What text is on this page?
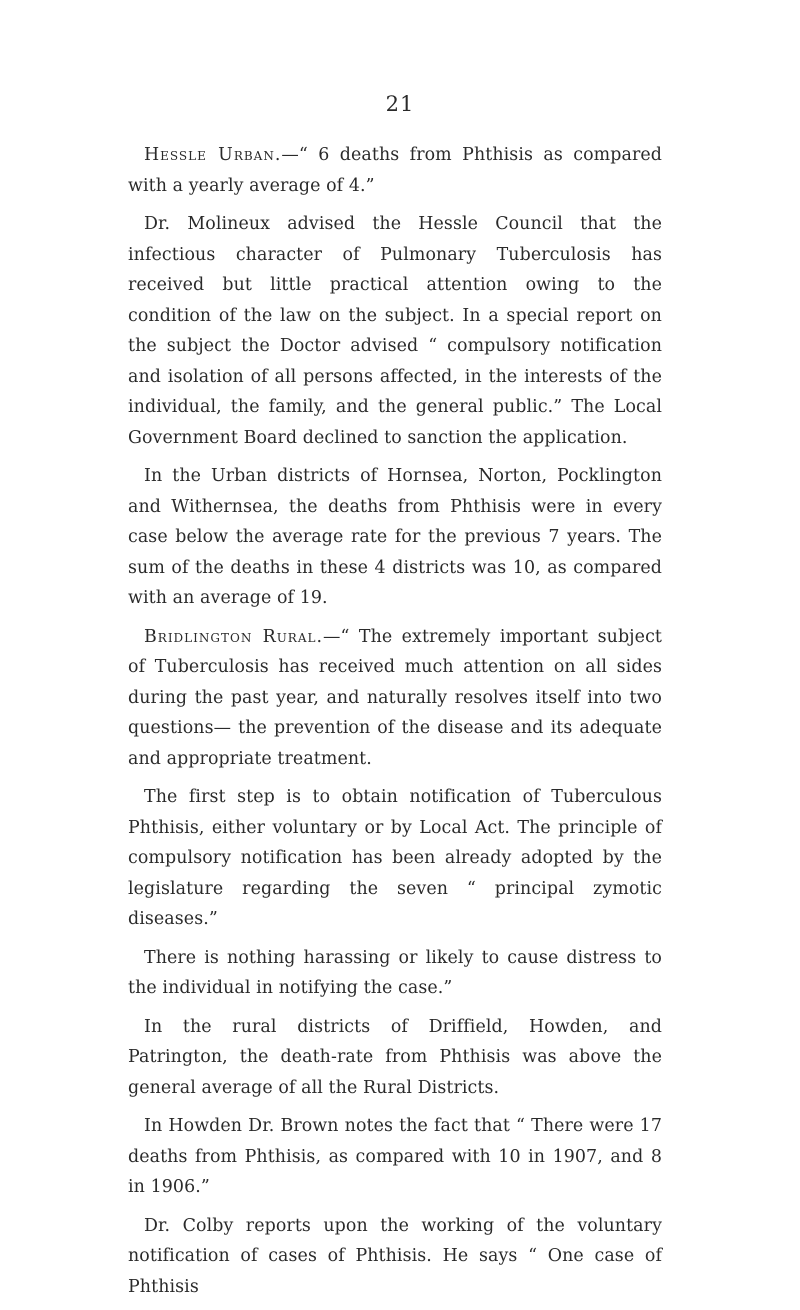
21

Hessle Urban.—“ 6 deaths from Phthisis as compared with a yearly average of 4.”

Dr. Molineux advised the Hessle Council that the infectious character of Pulmonary Tuberculosis has received but little practical attention owing to the condition of the law on the subject. In a special report on the subject the Doctor advised “ compulsory notification and isolation of all persons affected, in the interests of the individual, the family, and the general public.” The Local Government Board declined to sanction the application.

In the Urban districts of Hornsea, Norton, Pocklington and Withernsea, the deaths from Phthisis were in every case below the average rate for the previous 7 years. The sum of the deaths in these 4 districts was 10, as compared with an average of 19.

Bridlington Rural.—“ The extremely important subject of Tuberculosis has received much attention on all sides during the past year, and naturally resolves itself into two questions— the prevention of the disease and its adequate and appropriate treatment.

The first step is to obtain notification of Tuberculous Phthisis, either voluntary or by Local Act. The principle of compulsory notification has been already adopted by the legislature regarding the seven “ principal zymotic diseases.”

There is nothing harassing or likely to cause distress to the individual in notifying the case.”

In the rural districts of Driffield, Howden, and Patrington, the death-rate from Phthisis was above the general average of all the Rural Districts.

In Howden Dr. Brown notes the fact that “ There were 17 deaths from Phthisis, as compared with 10 in 1907, and 8 in 1906.”

Dr. Colby reports upon the working of the voluntary notification of cases of Phthisis. He says “ One case of Phthisis
